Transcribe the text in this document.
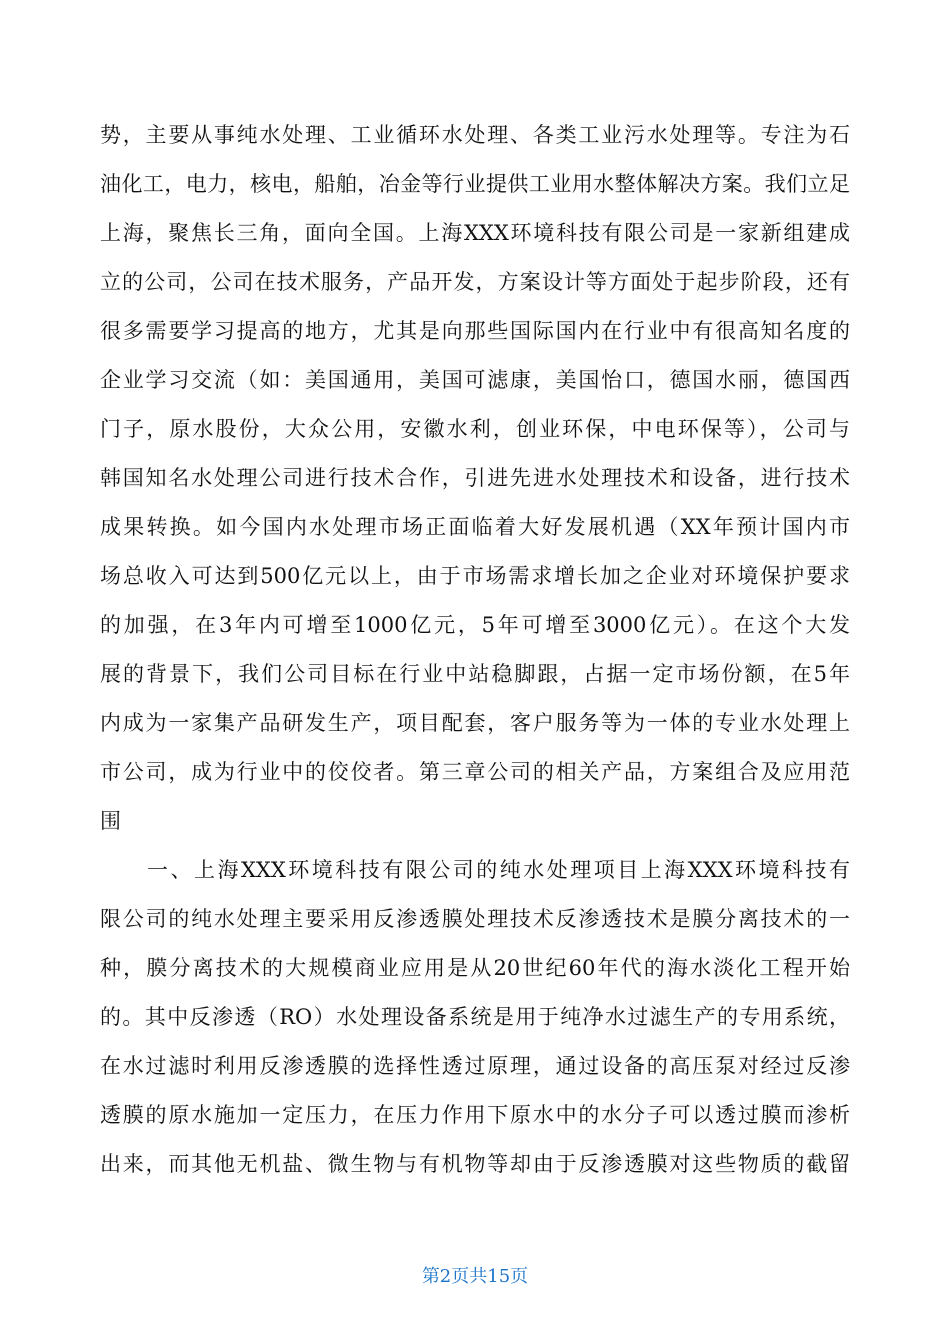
势，主要从事纯水处理、工业循环水处理、各类工业污水处理等。专注为石
油化工，电力，核电，船舶，冶金等行业提供工业用水整体解决方案。我们立足
上海，聚焦长三角，面向全国。上海XXX环境科技有限公司是一家新组建成
立的公司，公司在技术服务，产品开发，方案设计等方面处于起步阶段，还有
很多需要学习提高的地方，尤其是向那些国际国内在行业中有很高知名度的
企业学习交流（如：美国通用，美国可滤康，美国怡口，德国水丽，德国西
门子，原水股份，大众公用，安徽水利，创业环保，中电环保等），公司与
韩国知名水处理公司进行技术合作，引进先进水处理技术和设备，进行技术
成果转换。如今国内水处理市场正面临着大好发展机遇（XX年预计国内市
场总收入可达到500亿元以上，由于市场需求增长加之企业对环境保护要求
的加强，在3年内可增至1000亿元，5年可增至3000亿元）。在这个大发
展的背景下，我们公司目标在行业中站稳脚跟，占据一定市场份额，在5年
内成为一家集产品研发生产，项目配套，客户服务等为一体的专业水处理上
市公司，成为行业中的佼佼者。第三章公司的相关产品，方案组合及应用范
围
　　一、上海XXX环境科技有限公司的纯水处理项目上海XXX环境科技有
限公司的纯水处理主要采用反渗透膜处理技术反渗透技术是膜分离技术的一
种，膜分离技术的大规模商业应用是从20世纪60年代的海水淡化工程开始
的。其中反渗透（RO）水处理设备系统是用于纯净水过滤生产的专用系统，
在水过滤时利用反渗透膜的选择性透过原理，通过设备的高压泵对经过反渗
透膜的原水施加一定压力，在压力作用下原水中的水分子可以透过膜而渗析
出来，而其他无机盐、微生物与有机物等却由于反渗透膜对这些物质的截留
第2页共15页
